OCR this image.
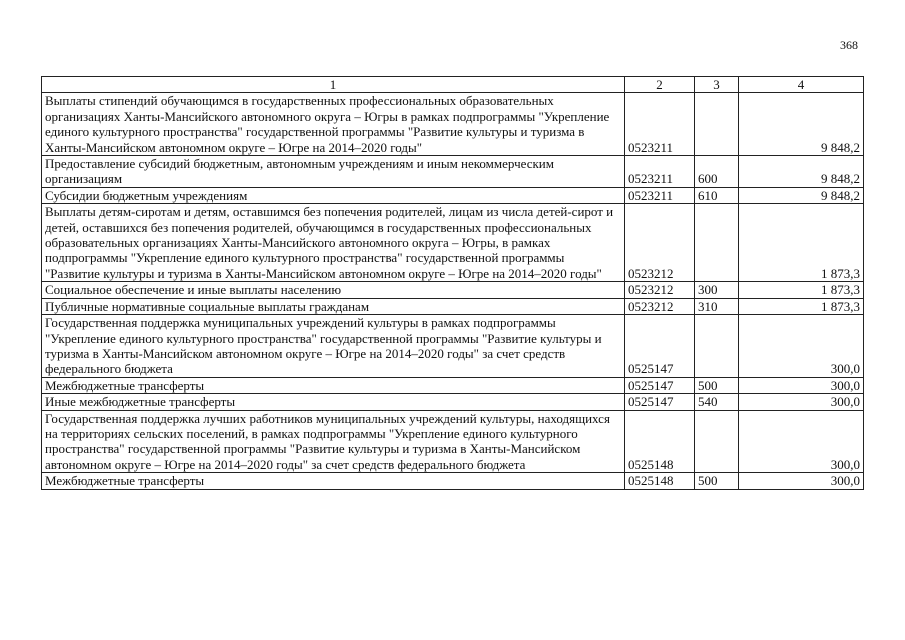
368
1	2	3	4
Выплаты стипендий обучающимся в государственных профессиональных образовательных организациях Ханты-Мансийского автономного округа – Югры в рамках подпрограммы "Укрепление единого культурного пространства" государственной программы "Развитие культуры и туризма в Ханты-Мансийском автономном округе – Югре на 2014–2020 годы"	0523211		9 848,2
Предоставление субсидий бюджетным, автономным учреждениям и иным некоммерческим организациям	0523211	600	9 848,2
Субсидии бюджетным учреждениям	0523211	610	9 848,2
Выплаты детям-сиротам и детям, оставшимся без попечения родителей, лицам из числа детей-сирот и детей, оставшихся без попечения родителей, обучающимся в государственных профессиональных образовательных организациях Ханты-Мансийского автономного округа – Югры, в рамках подпрограммы "Укрепление единого культурного пространства" государственной программы "Развитие культуры и туризма в Ханты-Мансийском автономном округе – Югре на 2014–2020 годы"	0523212		1 873,3
Социальное обеспечение и иные выплаты населению	0523212	300	1 873,3
Публичные нормативные социальные выплаты гражданам	0523212	310	1 873,3
Государственная поддержка муниципальных учреждений культуры в рамках подпрограммы "Укрепление единого культурного пространства" государственной программы "Развитие культуры и туризма в Ханты-Мансийском автономном округе – Югре на 2014–2020 годы" за счет средств федерального бюджета	0525147		300,0
Межбюджетные трансферты	0525147	500	300,0
Иные межбюджетные трансферты	0525147	540	300,0
Государственная поддержка лучших работников муниципальных учреждений культуры, находящихся на территориях сельских поселений, в рамках подпрограммы "Укрепление единого культурного пространства" государственной программы "Развитие культуры и туризма в Ханты-Мансийском автономном округе – Югре на 2014–2020 годы" за счет средств федерального бюджета	0525148		300,0
Межбюджетные трансферты	0525148	500	300,0
